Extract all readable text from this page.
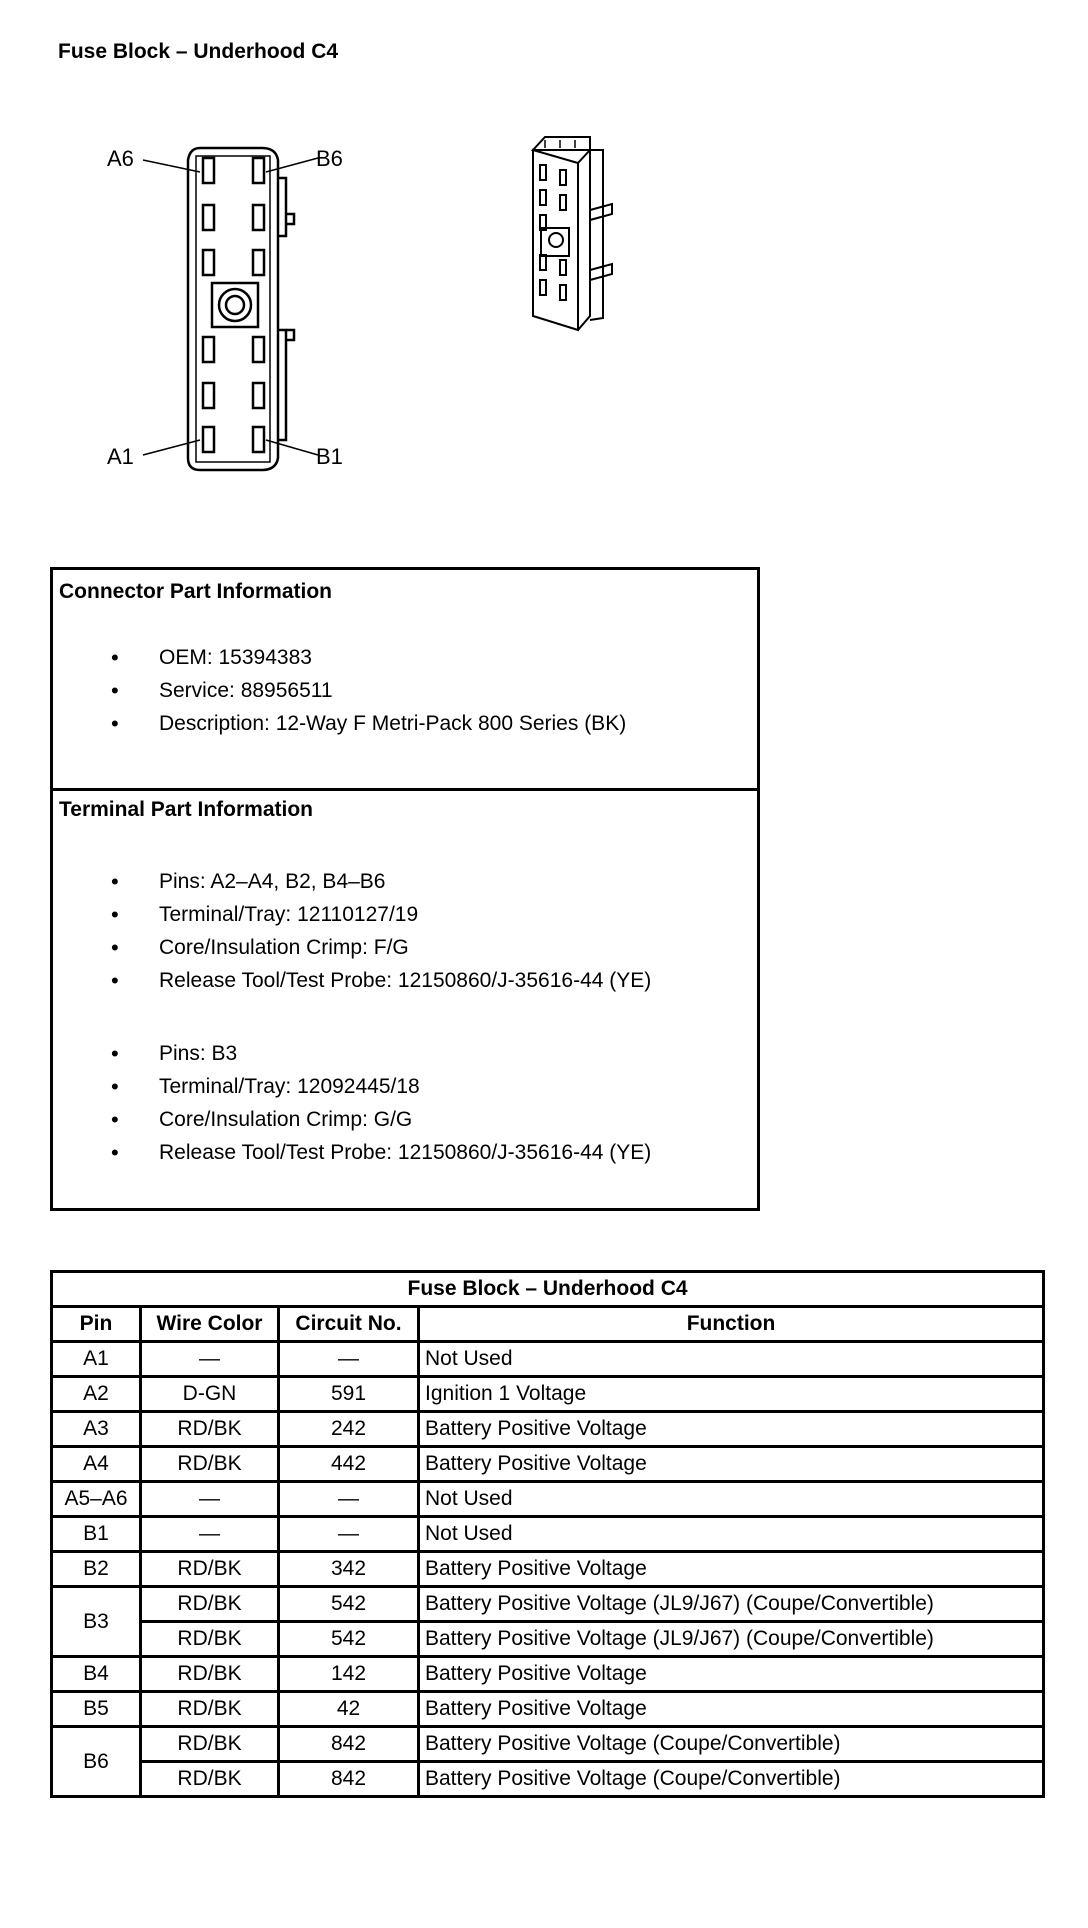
Fuse Block – Underhood C4
A6	B6
A1	B1
Connector Part Information
• OEM: 15394383
• Service: 88956511
• Description: 12-Way F Metri-Pack 800 Series (BK)
Terminal Part Information
• Pins: A2–A4, B2, B4–B6
• Terminal/Tray: 12110127/19
• Core/Insulation Crimp: F/G
• Release Tool/Test Probe: 12150860/J-35616-44 (YE)
• Pins: B3
• Terminal/Tray: 12092445/18
• Core/Insulation Crimp: G/G
• Release Tool/Test Probe: 12150860/J-35616-44 (YE)
Fuse Block – Underhood C4			
Pin	Wire Color	Circuit No.	Function
A1	—	—	Not Used
A2	D-GN	591	Ignition 1 Voltage
A3	RD/BK	242	Battery Positive Voltage
A4	RD/BK	442	Battery Positive Voltage
A5–A6	—	—	Not Used
B1	—	—	Not Used
B2	RD/BK	342	Battery Positive Voltage
B3	RD/BK	542	Battery Positive Voltage (JL9/J67) (Coupe/Convertible)
	RD/BK	542	Battery Positive Voltage (JL9/J67) (Coupe/Convertible)
B4	RD/BK	142	Battery Positive Voltage
B5	RD/BK	42	Battery Positive Voltage
B6	RD/BK	842	Battery Positive Voltage (Coupe/Convertible)
	RD/BK	842	Battery Positive Voltage (Coupe/Convertible)
